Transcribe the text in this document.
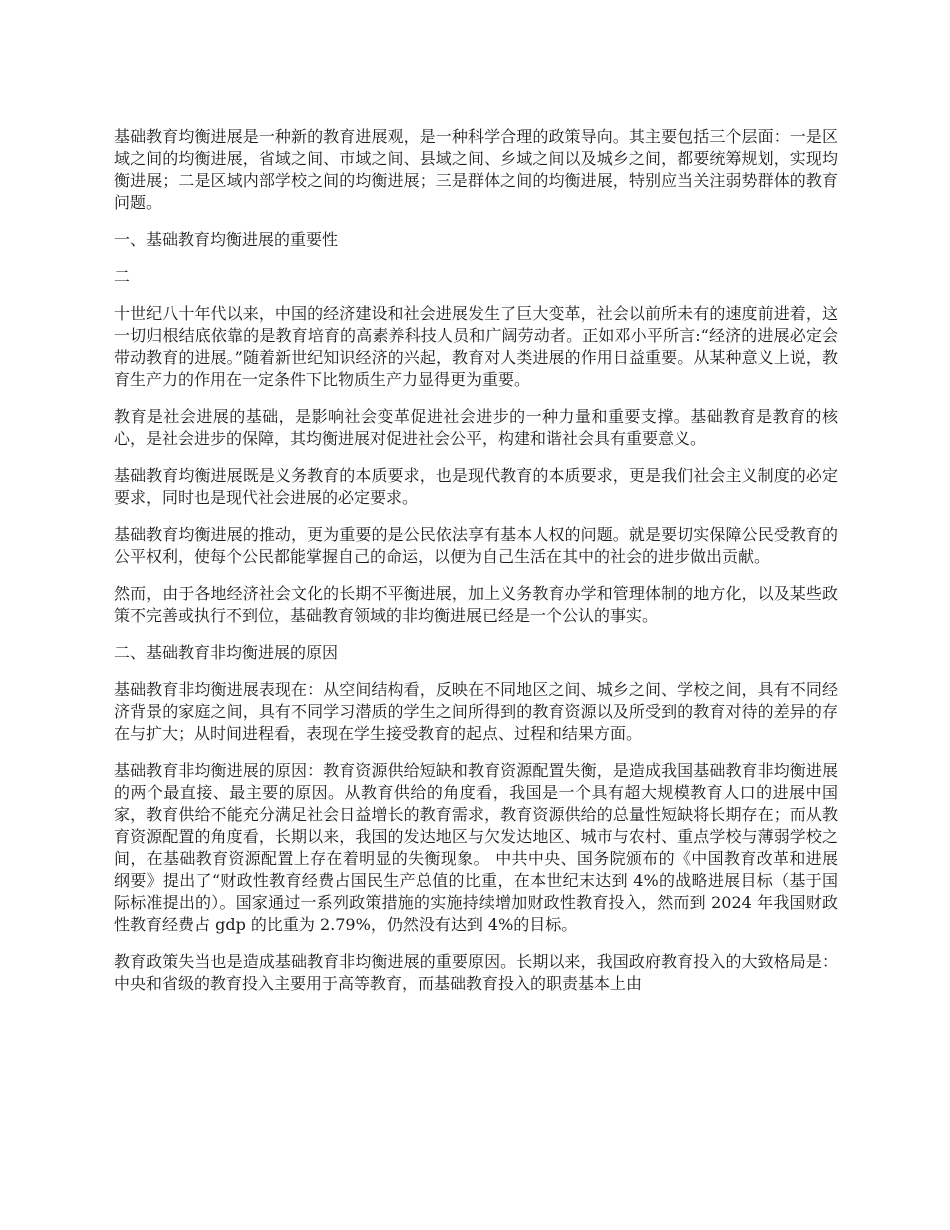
基础教育均衡进展是一种新的教育进展观，是一种科学合理的政策导向。其主要包括三个层面：一是区域之间的均衡进展，省域之间、市域之间、县域之间、乡域之间以及城乡之间，都要统筹规划，实现均衡进展；二是区域内部学校之间的均衡进展；三是群体之间的均衡进展，特别应当关注弱势群体的教育问题。

一、基础教育均衡进展的重要性

二

十世纪八十年代以来，中国的经济建设和社会进展发生了巨大变革，社会以前所未有的速度前进着，这一切归根结底依靠的是教育培育的高素养科技人员和广阔劳动者。正如邓小平所言:“经济的进展必定会带动教育的进展。”随着新世纪知识经济的兴起，教育对人类进展的作用日益重要。从某种意义上说，教育生产力的作用在一定条件下比物质生产力显得更为重要。

教育是社会进展的基础，是影响社会变革促进社会进步的一种力量和重要支撑。基础教育是教育的核心，是社会进步的保障，其均衡进展对促进社会公平，构建和谐社会具有重要意义。

基础教育均衡进展既是义务教育的本质要求，也是现代教育的本质要求，更是我们社会主义制度的必定要求，同时也是现代社会进展的必定要求。

基础教育均衡进展的推动，更为重要的是公民依法享有基本人权的问题。就是要切实保障公民受教育的公平权利，使每个公民都能掌握自己的命运，以便为自己生活在其中的社会的进步做出贡献。

然而，由于各地经济社会文化的长期不平衡进展，加上义务教育办学和管理体制的地方化，以及某些政策不完善或执行不到位，基础教育领域的非均衡进展已经是一个公认的事实。

二、基础教育非均衡进展的原因

基础教育非均衡进展表现在：从空间结构看，反映在不同地区之间、城乡之间、学校之间，具有不同经济背景的家庭之间，具有不同学习潜质的学生之间所得到的教育资源以及所受到的教育对待的差异的存在与扩大；从时间进程看，表现在学生接受教育的起点、过程和结果方面。

基础教育非均衡进展的原因：教育资源供给短缺和教育资源配置失衡，是造成我国基础教育非均衡进展的两个最直接、最主要的原因。从教育供给的角度看，我国是一个具有超大规模教育人口的进展中国家，教育供给不能充分满足社会日益增长的教育需求，教育资源供给的总量性短缺将长期存在；而从教育资源配置的角度看，长期以来，我国的发达地区与欠发达地区、城市与农村、重点学校与薄弱学校之间，在基础教育资源配置上存在着明显的失衡现象。 中共中央、国务院颁布的《中国教育改革和进展纲要》提出了“财政性教育经费占国民生产总值的比重，在本世纪末达到 4%的战略进展目标（基于国际标准提出的）。国家通过一系列政策措施的实施持续增加财政性教育投入，然而到 2024 年我国财政性教育经费占 gdp 的比重为 2.79%，仍然没有达到 4%的目标。

教育政策失当也是造成基础教育非均衡进展的重要原因。长期以来，我国政府教育投入的大致格局是：中央和省级的教育投入主要用于高等教育，而基础教育投入的职责基本上由
